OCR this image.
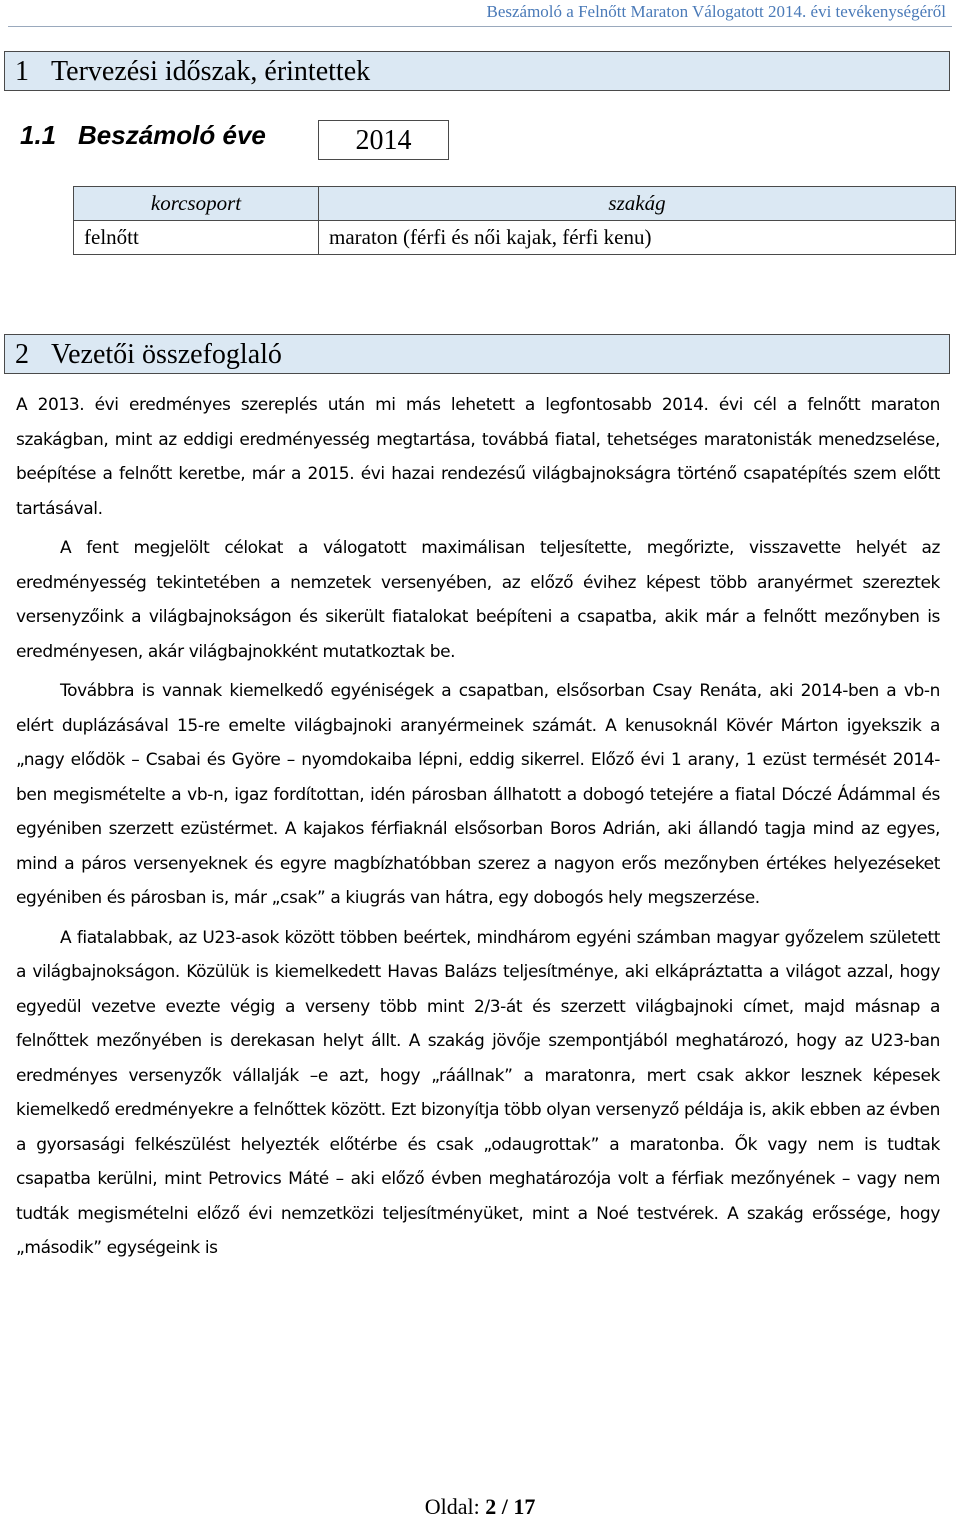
Beszámoló a Felnőtt Maraton Válogatott 2014. évi tevékenységéről
1 Tervezési időszak, érintettek
1.1 Beszámoló éve	2014
korcsoport	szakág
felnőtt	maraton (férfi és női kajak, férfi kenu)
2 Vezetői összefoglaló

A 2013. évi eredményes szereplés után mi más lehetett a legfontosabb 2014. évi cél a felnőtt maraton szakágban, mint az eddigi eredményesség megtartása, továbbá fiatal, tehetséges maratonisták menedzselése, beépítése a felnőtt keretbe, már a 2015. évi hazai rendezésű világbajnokságra történő csapatépítés szem előtt tartásával.

A fent megjelölt célokat a válogatott maximálisan teljesítette, megőrizte, visszavette helyét az eredményesség tekintetében a nemzetek versenyében, az előző évihez képest több aranyérmet szereztek versenyzőink a világbajnokságon és sikerült fiatalokat beépíteni a csapatba, akik már a felnőtt mezőnyben is eredményesen, akár világbajnokként mutatkoztak be.

Továbbra is vannak kiemelkedő egyéniségek a csapatban, elsősorban Csay Renáta, aki 2014-ben a vb-n elért duplázásával 15-re emelte világbajnoki aranyérmeinek számát. A kenusoknál Kövér Márton igyekszik a „nagy elődök – Csabai és Györe – nyomdokaiba lépni, eddig sikerrel. Előző évi 1 arany, 1 ezüst termését 2014-ben megismételte a vb-n, igaz fordítottan, idén párosban állhatott a dobogó tetejére a fiatal Dóczé Ádámmal és egyéniben szerzett ezüstérmet. A kajakos férfiaknál elsősorban Boros Adrián, aki állandó tagja mind az egyes, mind a páros versenyeknek és egyre magbízhatóbban szerez a nagyon erős mezőnyben értékes helyezéseket egyéniben és párosban is, már „csak” a kiugrás van hátra, egy dobogós hely megszerzése.

A fiatalabbak, az U23-asok között többen beértek, mindhárom egyéni számban magyar győzelem született a világbajnokságon. Közülük is kiemelkedett Havas Balázs teljesítménye, aki elkápráztatta a világot azzal, hogy egyedül vezetve evezte végig a verseny több mint 2/3-át és szerzett világbajnoki címet, majd másnap a felnőttek mezőnyében is derekasan helyt állt. A szakág jövője szempontjából meghatározó, hogy az U23-ban eredményes versenyzők vállalják –e azt, hogy „ráállnak” a maratonra, mert csak akkor lesznek képesek kiemelkedő eredményekre a felnőttek között. Ezt bizonyítja több olyan versenyző példája is, akik ebben az évben a gyorsasági felkészülést helyezték előtérbe és csak „odaugrottak” a maratonba. Ők vagy nem is tudtak csapatba kerülni, mint Petrovics Máté – aki előző évben meghatározója volt a férfiak mezőnyének – vagy nem tudták megismételni előző évi nemzetközi teljesítményüket, mint a Noé testvérek. A szakág erőssége, hogy „második” egységeink is

Oldal: 2 / 17
